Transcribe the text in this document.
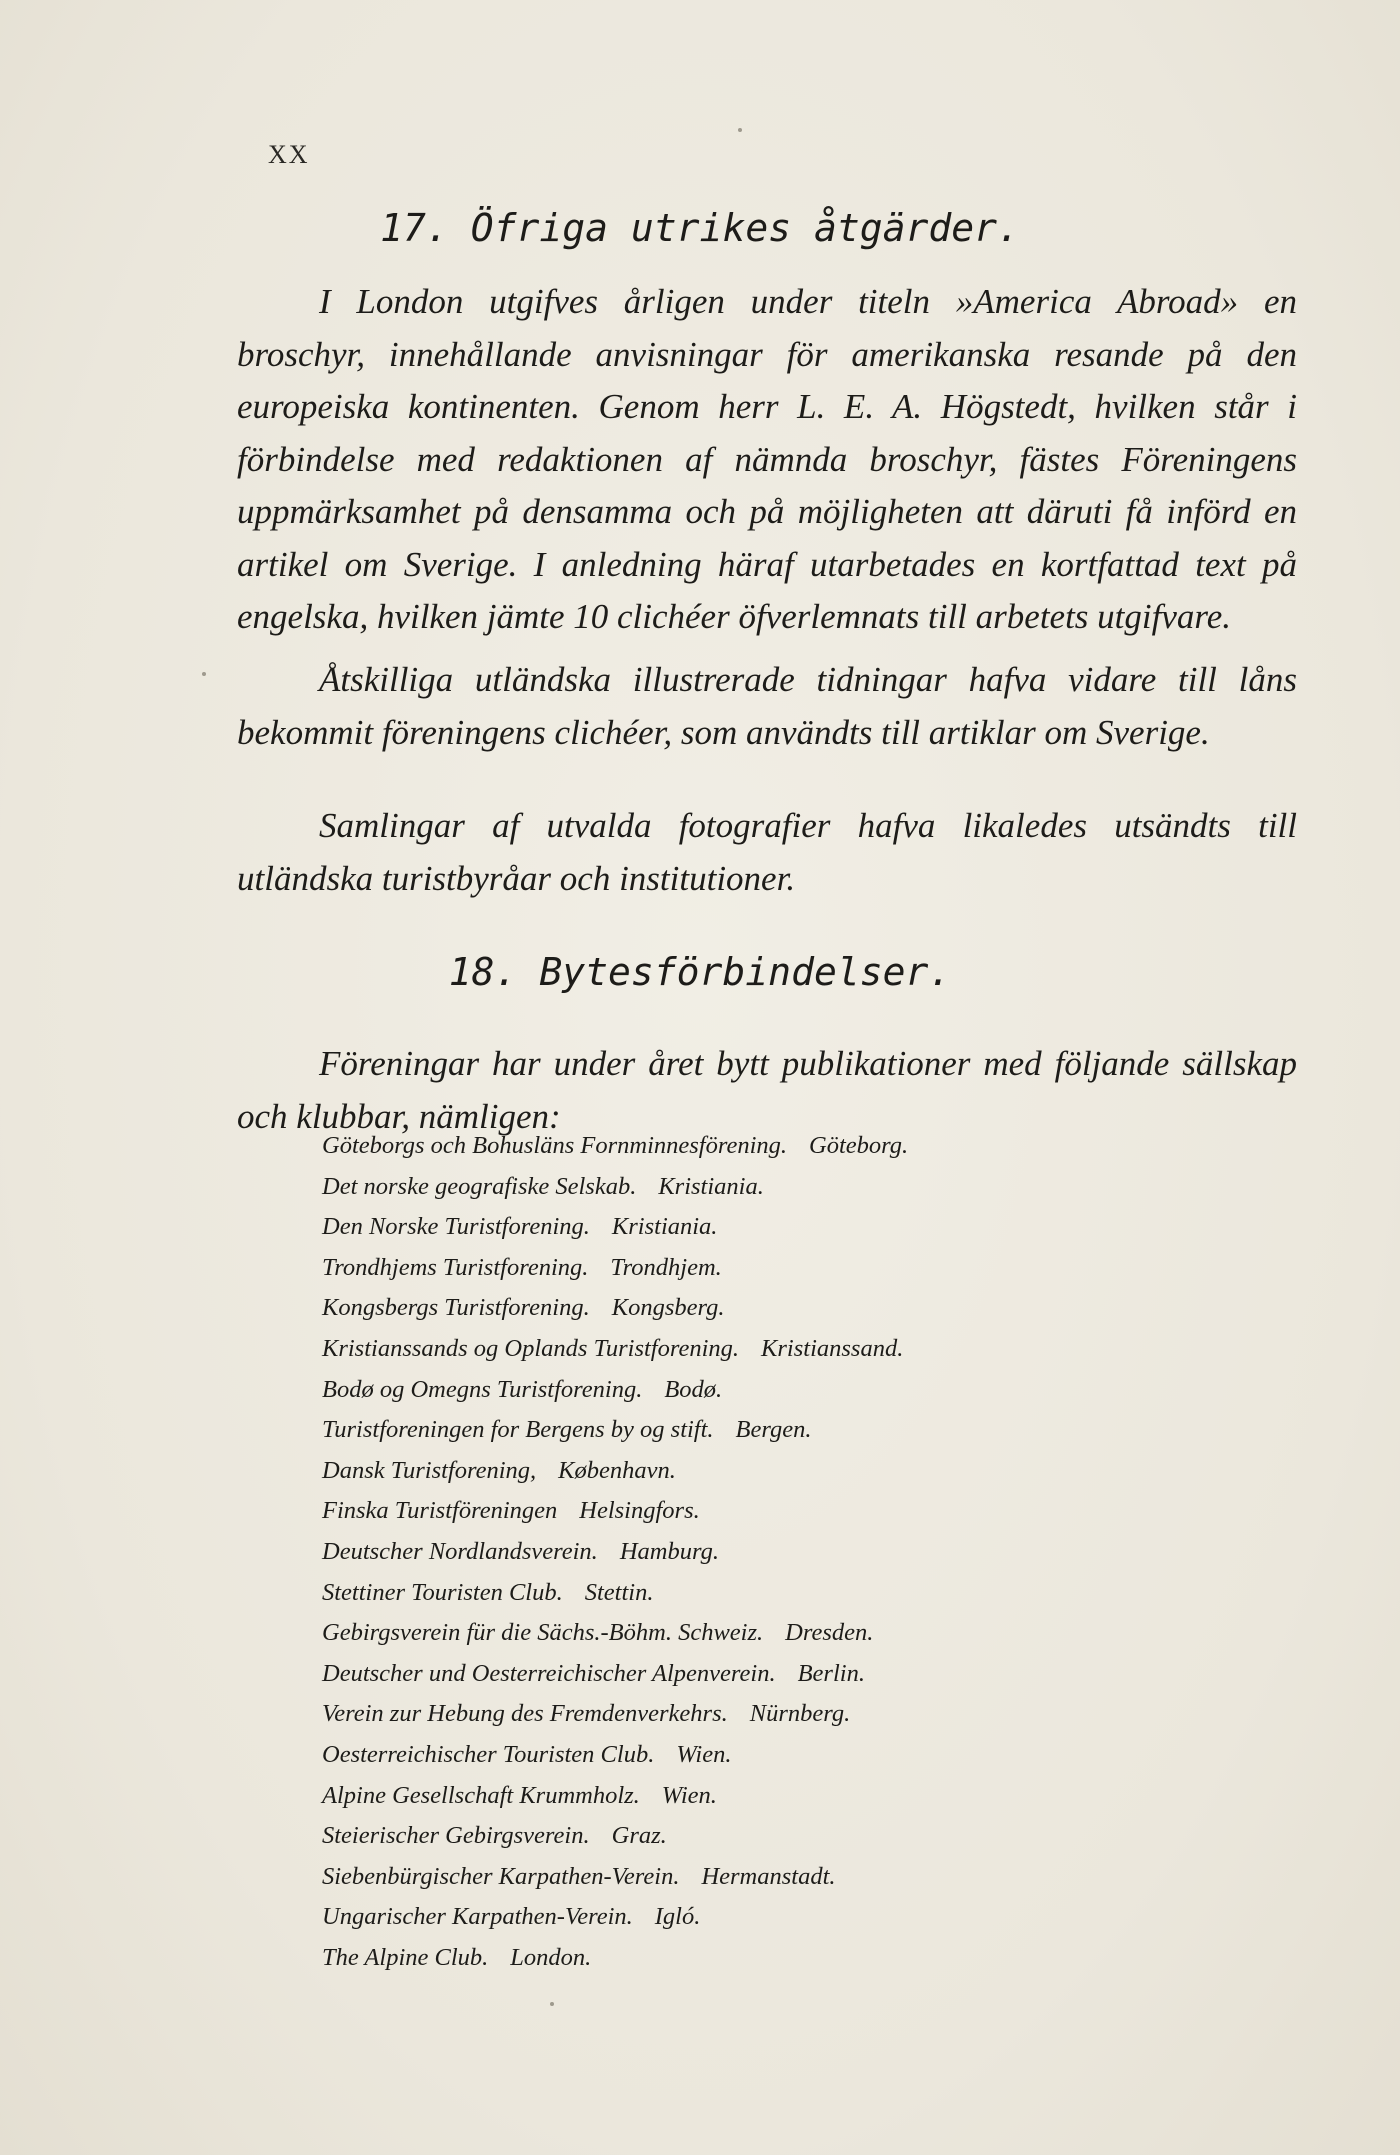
XX
17. Öfriga utrikes åtgärder.
I London utgifves årligen under titeln »America Abroad» en broschyr, innehållande anvisningar för amerikanska resande på den europeiska kontinenten. Genom herr L. E. A. Högstedt, hvilken står i förbindelse med redaktionen af nämnda broschyr, fästes Föreningens uppmärksamhet på densamma och på möjligheten att däruti få införd en artikel om Sverige. I anledning häraf utarbetades en kortfattad text på engelska, hvilken jämte 10 clichéer öfverlemnats till arbetets utgifvare.
Åtskilliga utländska illustrerade tidningar hafva vidare till låns bekommit föreningens clichéer, som användts till artiklar om Sverige.
Samlingar af utvalda fotografier hafva likaledes utsändts till utländska turistbyråar och institutioner.
18. Bytesförbindelser.
Föreningar har under året bytt publikationer med följande sällskap och klubbar, nämligen:
Göteborgs och Bohusläns Fornminnesförening. Göteborg.
Det norske geografiske Selskab. Kristiania.
Den Norske Turistforening. Kristiania.
Trondhjems Turistforening. Trondhjem.
Kongsbergs Turistforening. Kongsberg.
Kristianssands og Oplands Turistforening. Kristianssand.
Bodø og Omegns Turistforening. Bodø.
Turistforeningen for Bergens by og stift. Bergen.
Dansk Turistforening, København.
Finska Turistföreningen Helsingfors.
Deutscher Nordlandsverein. Hamburg.
Stettiner Touristen Club. Stettin.
Gebirgsverein für die Sächs.-Böhm. Schweiz. Dresden.
Deutscher und Oesterreichischer Alpenverein. Berlin.
Verein zur Hebung des Fremdenverkehrs. Nürnberg.
Oesterreichischer Touristen Club. Wien.
Alpine Gesellschaft Krummholz. Wien.
Steierischer Gebirgsverein. Graz.
Siebenbürgischer Karpathen-Verein. Hermanstadt.
Ungarischer Karpathen-Verein. Igló.
The Alpine Club. London.
